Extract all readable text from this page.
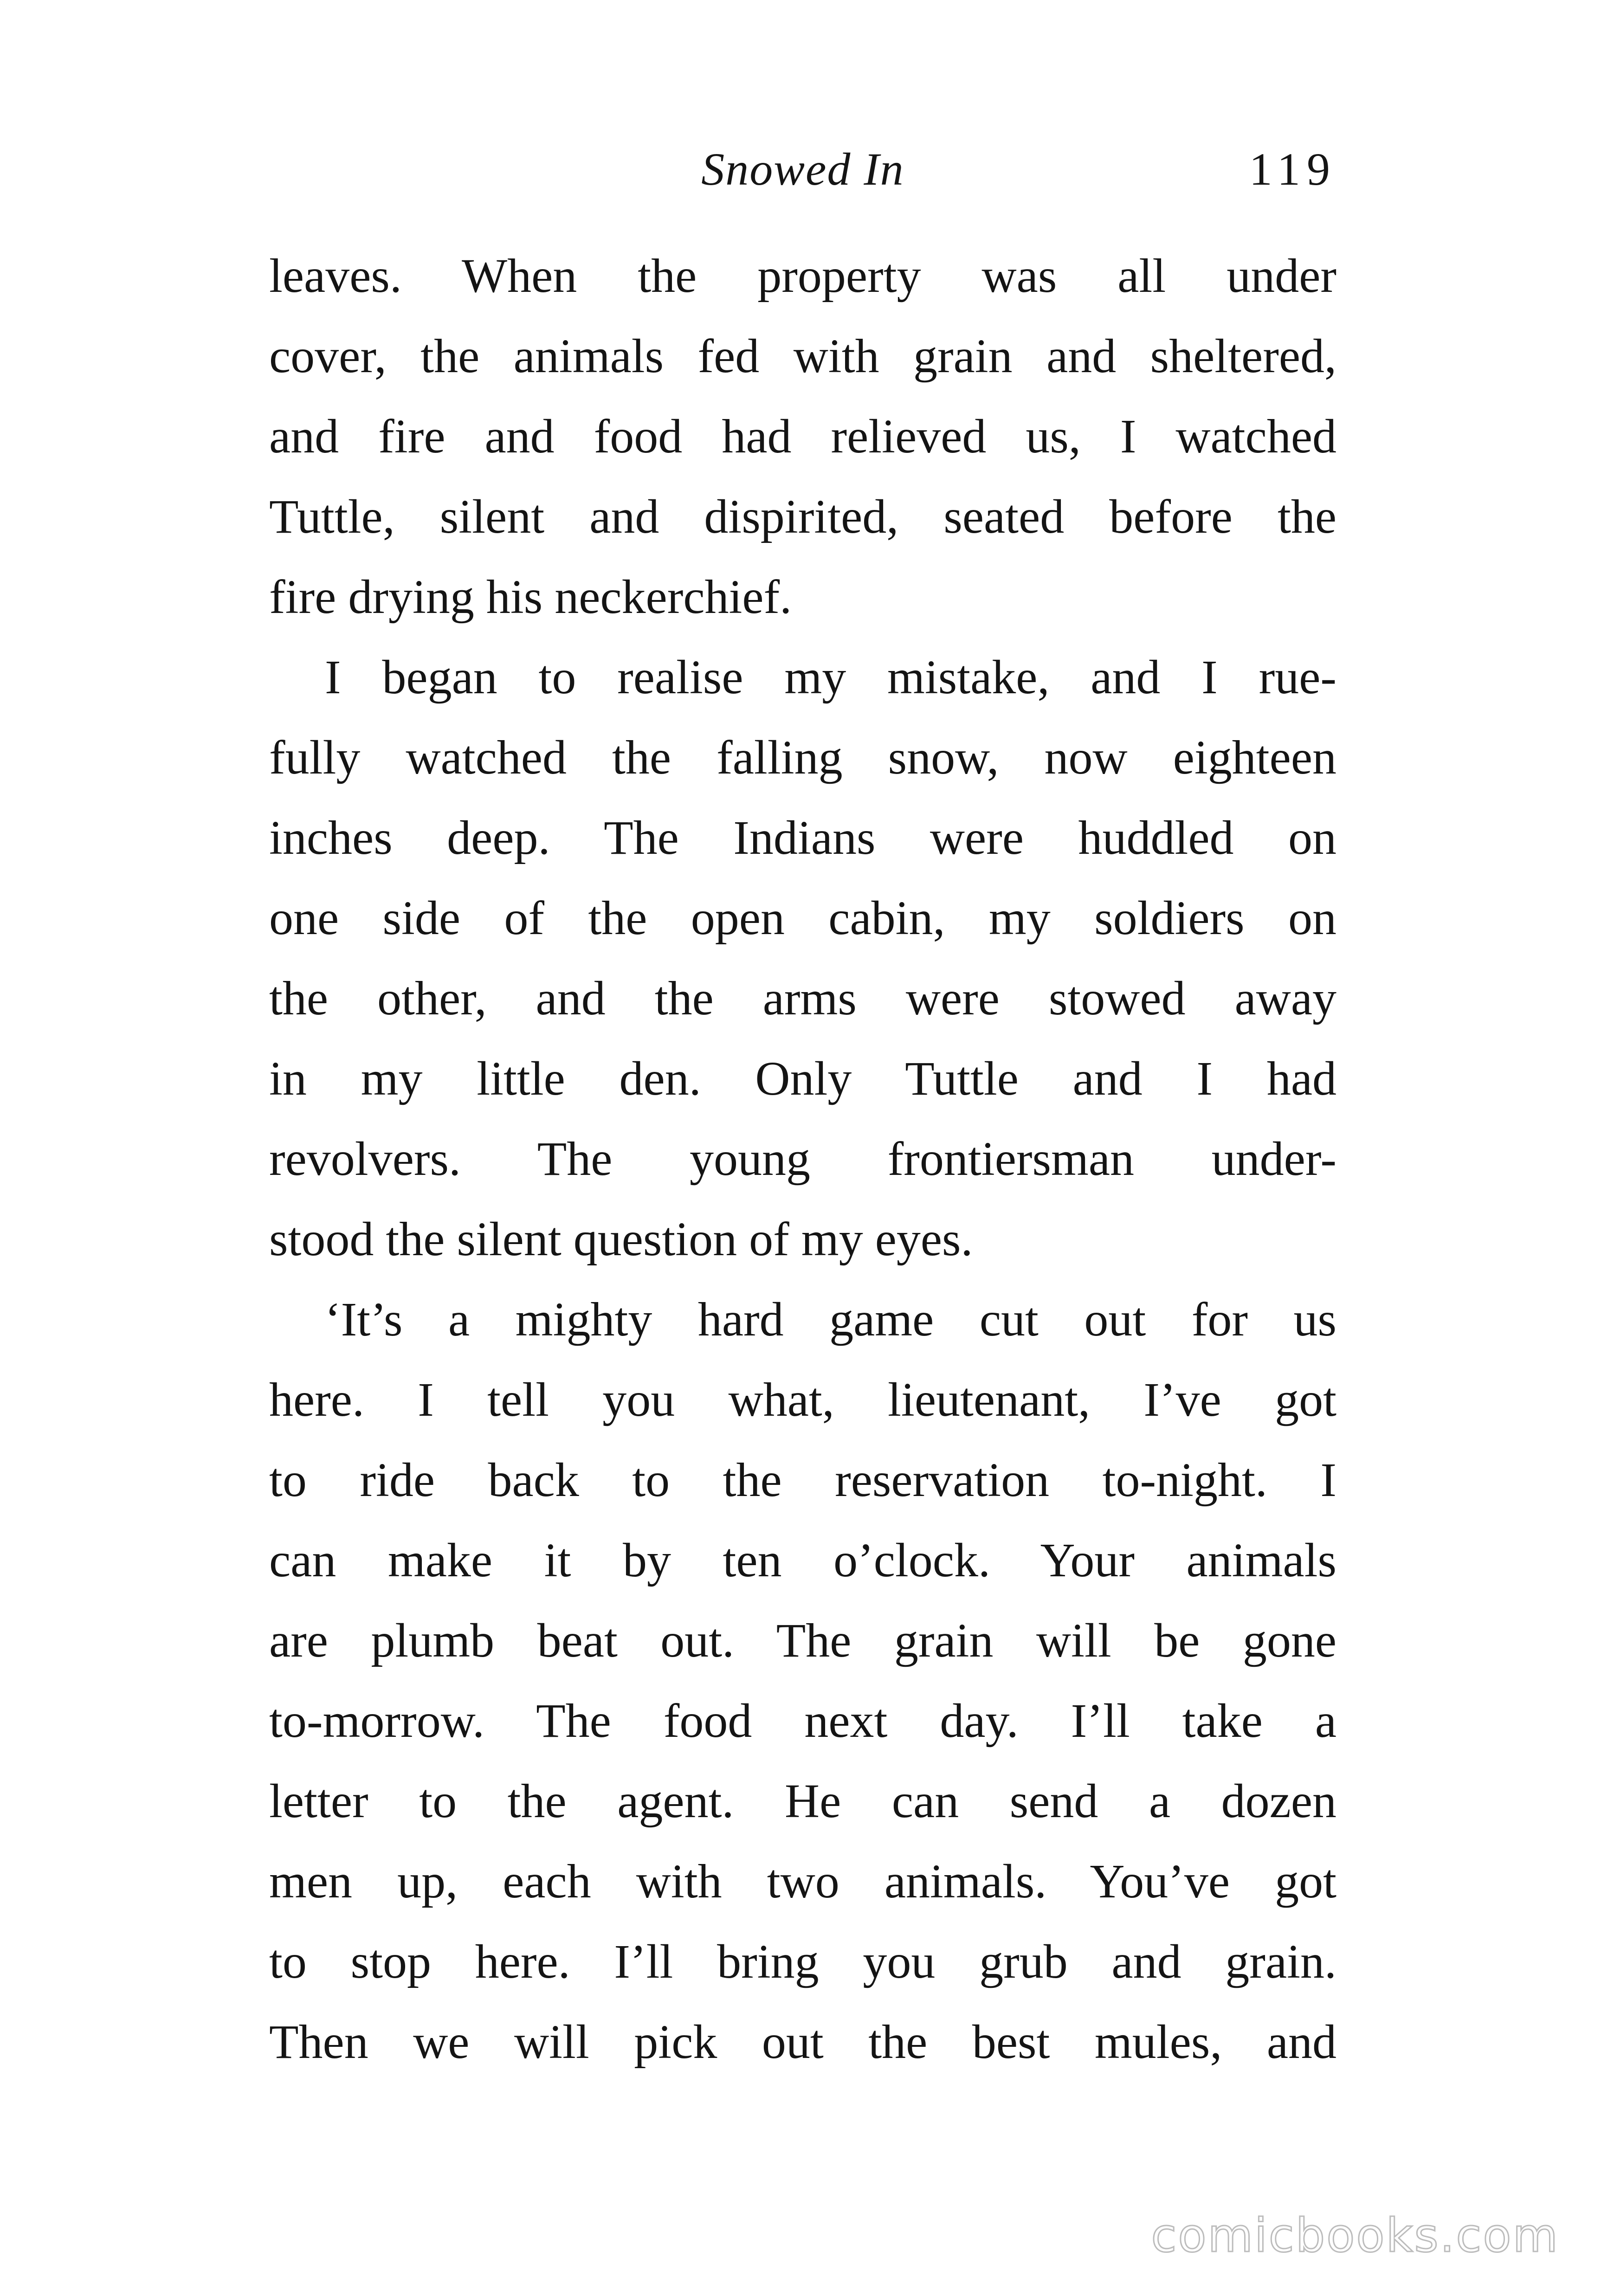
Snowed In	119
leaves. When the property was all under
cover, the animals fed with grain and sheltered,
and fire and food had relieved us, I watched
Tuttle, silent and dispirited, seated before the
fire drying his neckerchief.
I began to realise my mistake, and I rue-
fully watched the falling snow, now eighteen
inches deep. The Indians were huddled on
one side of the open cabin, my soldiers on
the other, and the arms were stowed away
in my little den. Only Tuttle and I had
revolvers. The young frontiersman under-
stood the silent question of my eyes.
‘It’s a mighty hard game cut out for us
here. I tell you what, lieutenant, I’ve got
to ride back to the reservation to-night. I
can make it by ten o’clock. Your animals
are plumb beat out. The grain will be gone
to-morrow. The food next day. I’ll take a
letter to the agent. He can send a dozen
men up, each with two animals. You’ve got
to stop here. I’ll bring you grub and grain.
Then we will pick out the best mules, and
comicbooks.com
